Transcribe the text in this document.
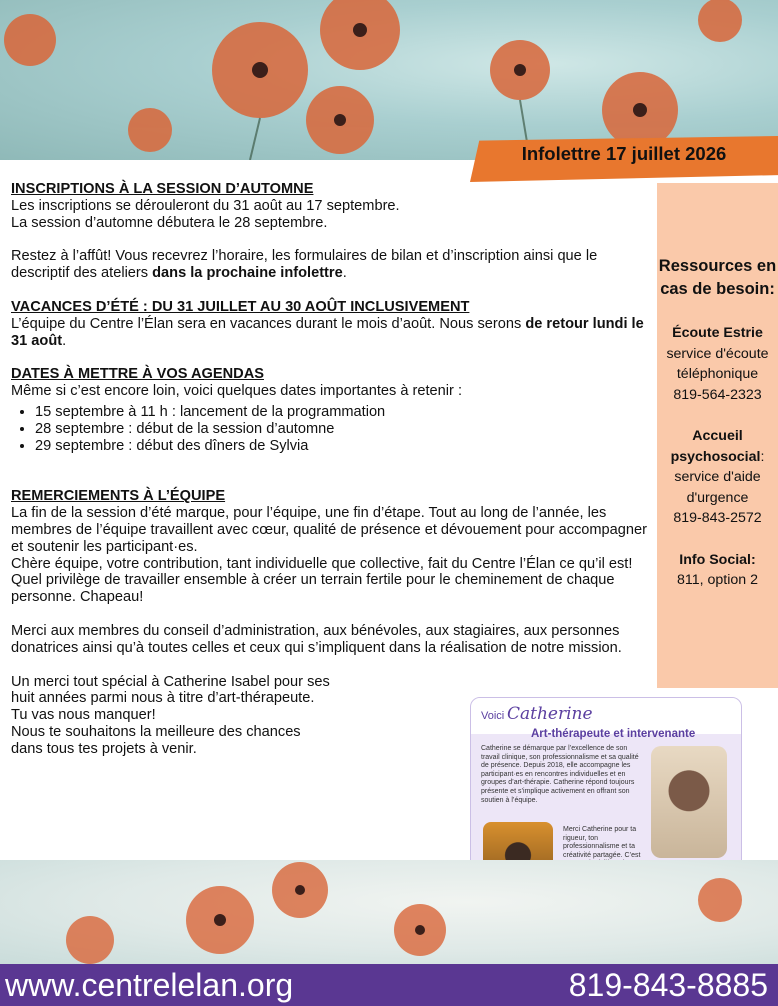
Infolettre 17 juillet 2026

INSCRIPTIONS À LA SESSION D’AUTOMNE

Les inscriptions se dérouleront du 31 août au 17 septembre.

La session d’automne débutera le 28 septembre.

Restez à l’affût! Vous recevrez l’horaire, les formulaires de bilan et d’inscription ainsi que le descriptif des ateliers dans la prochaine infolettre.

VACANCES D’ÉTÉ : DU 31 JUILLET AU 30 AOÛT INCLUSIVEMENT

L’équipe du Centre l’Élan sera en vacances durant le mois d’août. Nous serons de retour lundi le 31 août.

DATES À METTRE À VOS AGENDAS

Même si c’est encore loin, voici quelques dates importantes à retenir :

• 15 septembre à 11 h : lancement de la programmation
• 28 septembre : début de la session d’automne
• 29 septembre : début des dîners de Sylvia

REMERCIEMENTS À L’ÉQUIPE

La fin de la session d’été marque, pour l’équipe, une fin d’étape. Tout au long de l’année, les membres de l’équipe travaillent avec cœur, qualité de présence et dévouement pour accompagner et soutenir les participant·es.

Chère équipe, votre contribution, tant individuelle que collective, fait du Centre l’Élan ce qu’il est!

Quel privilège de travailler ensemble à créer un terrain fertile pour le cheminement de chaque personne. Chapeau!

Merci aux membres du conseil d’administration, aux bénévoles, aux stagiaires, aux personnes donatrices ainsi qu’à toutes celles et ceux qui s’impliquent dans la réalisation de notre mission.

Un merci tout spécial à Catherine Isabel pour ses

huit années parmi nous à titre d’art-thérapeute.

Tu vas nous manquer!

Nous te souhaitons la meilleure des chances

dans tous tes projets à venir.

Ressources en cas de besoin:
Écoute Estrie
service d'écoute téléphonique
819-564-2323
Accueil psychosocial: service d'aide d'urgence
819-843-2572
Info Social:
811, option 2
Voici Catherine
Art-thérapeute et intervenante
Catherine se démarque par l’excellence de son travail clinique, son professionnalisme et sa qualité de présence. Depuis 2018, elle accompagne les participant·es en rencontres individuelles et en groupes d’art-thérapie. Catherine répond toujours présente et s’implique activement en offrant son soutien à l’équipe.
Merci Catherine pour ta rigueur, ton professionnalisme et ta créativité partagée. C’est
www.centrelelan.org	819-843-8885
